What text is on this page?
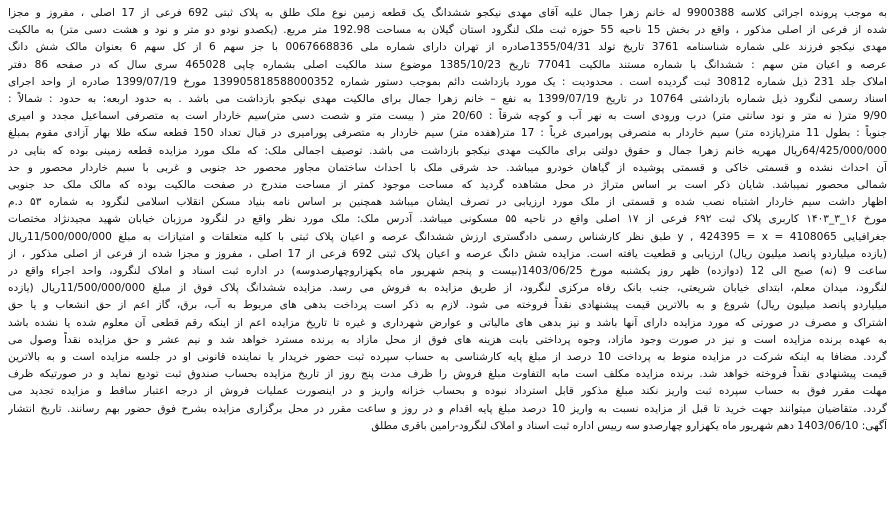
به موجب پرونده اجرائی کلاسه 9900388 له خانم زهرا جمال علیه آقای مهدی نیکجو ششدانگ یک قطعه زمین نوع ملک طلق به پلاک ثبتی 692 فرعی از 17 اصلی ، مفروز و مجزا
شده از فرعی از اصلی مذکور ، واقع در بخش 15 ناحیه 55 حوزه ثبت ملک لنگرود استان گیلان به مساحت 192.98 متر مربع. (یکصدو نودو دو متر و نود و هشت دسی متر) به مالکیت
مهدی نیکجو فرزند علی شماره شناسنامه 3761 تاریخ تولد 1355/04/31صادره از تهران دارای شماره ملی 0067668836 با جز سهم 6 از کل سهم 6 بعنوان مالک شش دانگ
عرصه و اعیان متن سهم : ششدانگ با شماره مستند مالکیت 77041 تاریخ 1385/10/23 موضوع سند مالکیت اصلی بشماره چاپی 465028 سری سال که در صفحه 86 دفتر
املاک جلد 231 ذیل شماره 30812 ثبت گردیده است . محدودیت : یک مورد بازداشت دائم بموجب دستور شماره 139905818588000352 مورخ 1399/07/19 صادره از واحد اجرای
اسناد رسمی لنگرود ذیل شماره بازداشتی 10764 در تاریخ 1399/07/19 به نفع – خانم زهرا جمال برای مالکیت مهدی نیکجو بازداشت می باشد . به حدود اربعه: به حدود : شمالاً :
9/90 متر( نه متر و نود سانتی متر) درب ورودی است به نهر آب و کوچه شرقاً : 20/60 متر ( بیست متر و شصت دسی متر)سیم خاردار است به متصرفی اسماعیل مجدد و امیری
جنوباً : بطول 11 متر(یازده متر) سیم خاردار به متصرفی پورامیری غرباً : 17 متر(هفده متر) سیم خاردار به متصرفی پورامیری در قبال تعداد 150 قطعه سکه طلا بهار آزادی مقوم بمبلغ
64/425/000/000ریال مهریه خانم زهرا جمال و حقوق دولتی برای مالکیت مهدی نیکجو بازداشت می باشد. توصیف اجمالی ملک: که ملک مورد مزایده قطعه زمینی بوده که بنایی در
آن احداث نشده و قسمتی خاکی و قسمتی پوشیده از گیاهان خودرو میباشد. حد شرقی ملک با احداث ساختمان مجاور محصور حد جنوبی و غربی با سیم خاردار محصور و حد
شمالی محصور نمیباشد. شایان ذکر است بر اساس متراژ در محل مشاهده گردید که مساحت موجود کمتر از مساحت مندرج در صفحت مالکیت بوده که مالک ملک حد جنوبی
اظهار داشت سیم خاردار اشتباه نصب شده و قسمتی از ملک مورد ارزیابی در تصرف ایشان میباشد همچنین بر اساس نامه بنیاد مسکن انقلاب اسلامی لنگرود به شماره ۵۳ د.م
مورخ ۱۶_۳_۱۴۰۳ کاربری پلاک ثبت ۶۹۲ فرعی از ۱۷ اصلی واقع در ناحیه ۵۵ مسکونی میباشد. آدرس ملک: ملک مورد نظر واقع در لنگرود مرزبان خیابان شهید مجیدنژاد مختصات
جغرافیایی 4108065 = y , 424395 = x طبق نظر کارشناس رسمی دادگستری ارزش ششدانگ عرصه و اعیان پلاک ثبتی با کلیه متعلقات و امتیازات به مبلغ 11/500/000/000ریال
(یازده میلیاردو پانصد میلیون ریال) ارزیابی و قطعیت یافته است. مزایده شش دانگ عرصه و اعیان پلاک ثبتی 692 فرعی از 17 اصلی ، مفروز و مجزا شده از فرعی از اصلی مذکور ، از
ساعت 9 (نه) صبح الی 12 (دوازده) ظهر روز یکشنبه مورخ 1403/06/25(بیست و پنجم شهریور ماه یکهزاروچهارصدوسه) در اداره ثبت اسناد و املاک لنگرود، واحد اجراء واقع در
لنگرود، میدان معلم، ابتدای خیابان شریعتی، جنب بانک رفاه مرکزی لنگرود، از طریق مزایده به فروش می رسد. مزایده ششدانگ پلاک فوق از مبلغ 11/500/000/000ریال (یازده
میلیاردو پانصد میلیون ریال) شروع و به بالاترین قیمت پیشنهادی نقداً فروخته می شود. لازم به ذکر است پرداخت بدهی های مربوط به آب، برق، گاز اعم از حق انشعاب و یا حق
اشتراک و مصرف در صورتی که مورد مزایده دارای آنها باشد و نیز بدهی های مالیاتی و عوارض شهرداری و غیره تا تاریخ مزایده اعم از اینکه رقم قطعی آن معلوم شده یا نشده باشد
به عهده برنده مزایده است و نیز در صورت وجود مازاد، وجوه پرداختی بابت هزینه های فوق از محل مازاد به برنده مسترد خواهد شد و نیم عشر و حق مزایده نقداً وصول می
گردد. مضافا به اینکه شرکت در مزایده منوط به پرداخت 10 درصد از مبلغ پایه کارشناسی به حساب سپرده ثبت حضور خریدار یا نماینده قانونی او در جلسه مزایده است و به بالاترین
قیمت پیشنهادی نقداً فروخته خواهد شد. برنده مزایده مکلف است مابه التفاوت مبلغ فروش را ظرف مدت پنج روز از تاریخ مزایده بحساب صندوق ثبت تودیع نماید و در صورتیکه ظرف
مهلت مقرر فوق به حساب سپرده ثبت واریز نکند مبلغ مذکور قابل استرداد نبوده و بحساب خزانه واریز و در اینصورت عملیات فروش از درجه اعتبار ساقط و مزایده تجدید می
گردد. متقاضیان میتوانند جهت خرید تا قبل از مزایده نسبت به واریز 10 درصد مبلغ پایه اقدام و در روز و ساعت مقرر در محل برگزاری مزایده بشرح فوق حضور بهم رسانند. تاریخ انتشار
آگهی: 1403/06/10 دهم شهریور ماه یکهزارو چهارصدو سه رییس اداره ثبت اسناد و املاک لنگرود-رامین باقری مطلق
